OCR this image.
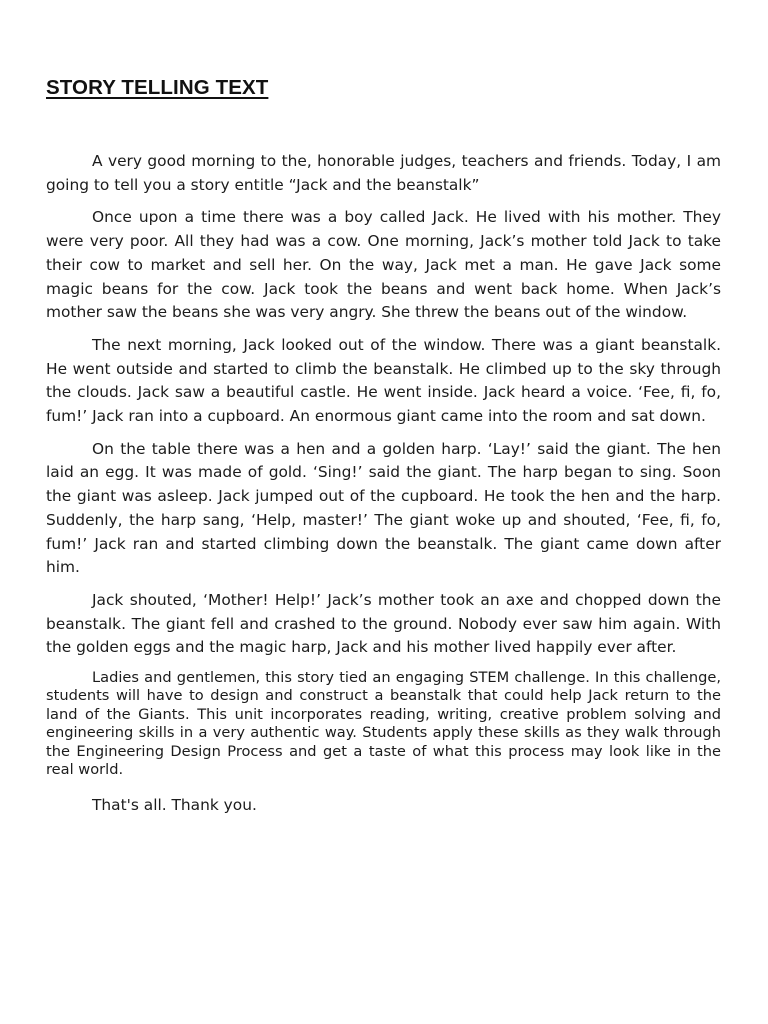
STORY TELLING TEXT

A very good morning to the, honorable judges, teachers and friends. Today, I am going to tell you a story entitle “Jack and the beanstalk”

Once upon a time there was a boy called Jack. He lived with his mother. They were very poor. All they had was a cow. One morning, Jack’s mother told Jack to take their cow to market and sell her. On the way, Jack met a man. He gave Jack some magic beans for the cow. Jack took the beans and went back home. When Jack’s mother saw the beans she was very angry. She threw the beans out of the window.

The next morning, Jack looked out of the window. There was a giant beanstalk. He went outside and started to climb the beanstalk. He climbed up to the sky through the clouds. Jack saw a beautiful castle. He went inside. Jack heard a voice. ‘Fee, fi, fo, fum!’ Jack ran into a cupboard. An enormous giant came into the room and sat down.

On the table there was a hen and a golden harp. ‘Lay!’ said the giant. The hen laid an egg. It was made of gold. ‘Sing!’ said the giant. The harp began to sing. Soon the giant was asleep. Jack jumped out of the cupboard. He took the hen and the harp. Suddenly, the harp sang, ‘Help, master!’ The giant woke up and shouted, ‘Fee, fi, fo, fum!’ Jack ran and started climbing down the beanstalk. The giant came down after him.

Jack shouted, ‘Mother! Help!’ Jack’s mother took an axe and chopped down the beanstalk. The giant fell and crashed to the ground. Nobody ever saw him again. With the golden eggs and the magic harp, Jack and his mother lived happily ever after.

Ladies and gentlemen, this story tied an engaging STEM challenge. In this challenge, students will have to design and construct a beanstalk that could help Jack return to the land of the Giants. This unit incorporates reading, writing, creative problem solving and engineering skills in a very authentic way. Students apply these skills as they walk through the Engineering Design Process and get a taste of what this process may look like in the real world.

That's all. Thank you.
